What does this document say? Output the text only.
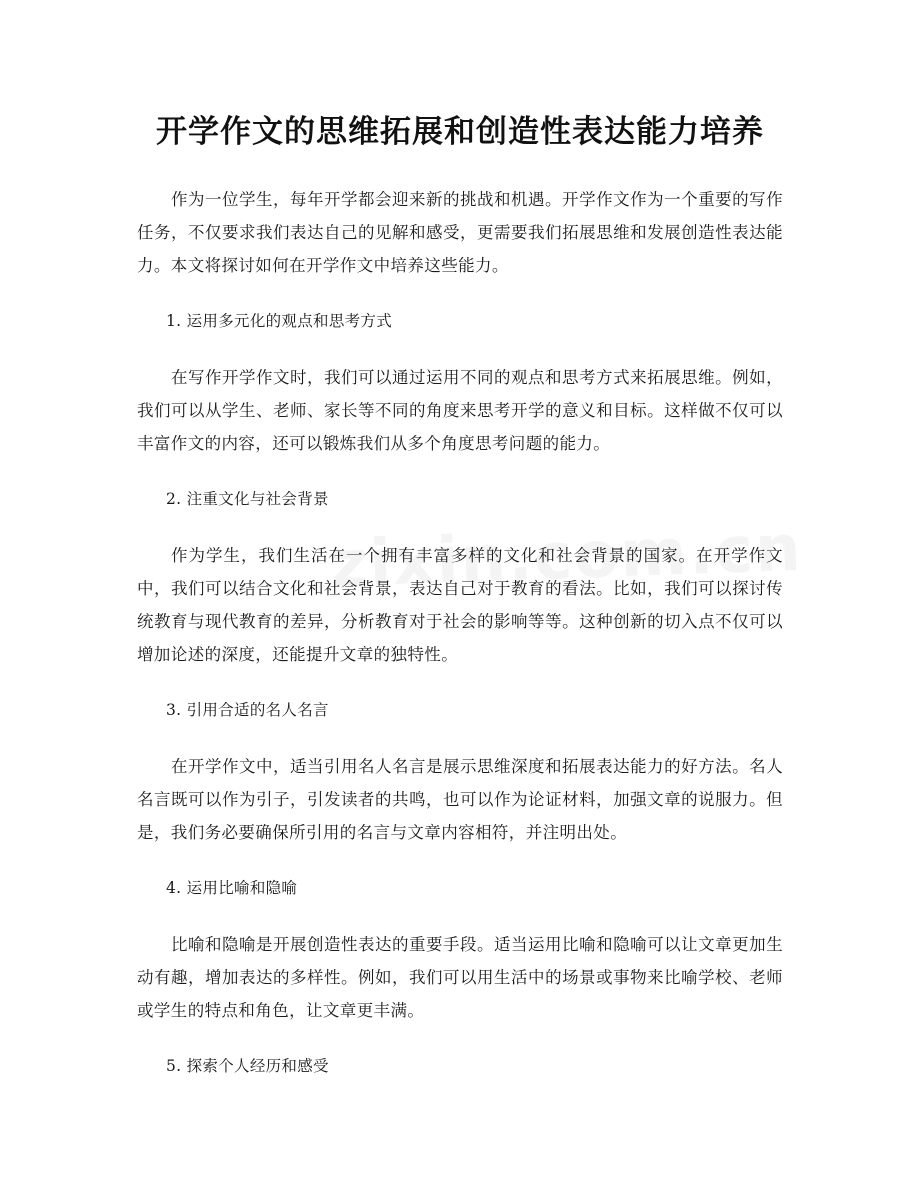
开学作文的思维拓展和创造性表达能力培养

作为一位学生，每年开学都会迎来新的挑战和机遇。开学作文作为一个重要的写作任务，不仅要求我们表达自己的见解和感受，更需要我们拓展思维和发展创造性表达能力。本文将探讨如何在开学作文中培养这些能力。

1. 运用多元化的观点和思考方式

在写作开学作文时，我们可以通过运用不同的观点和思考方式来拓展思维。例如，我们可以从学生、老师、家长等不同的角度来思考开学的意义和目标。这样做不仅可以丰富作文的内容，还可以锻炼我们从多个角度思考问题的能力。

2. 注重文化与社会背景

作为学生，我们生活在一个拥有丰富多样的文化和社会背景的国家。在开学作文中，我们可以结合文化和社会背景，表达自己对于教育的看法。比如，我们可以探讨传统教育与现代教育的差异，分析教育对于社会的影响等等。这种创新的切入点不仅可以增加论述的深度，还能提升文章的独特性。

3. 引用合适的名人名言

在开学作文中，适当引用名人名言是展示思维深度和拓展表达能力的好方法。名人名言既可以作为引子，引发读者的共鸣，也可以作为论证材料，加强文章的说服力。但是，我们务必要确保所引用的名言与文章内容相符，并注明出处。

4. 运用比喻和隐喻

比喻和隐喻是开展创造性表达的重要手段。适当运用比喻和隐喻可以让文章更加生动有趣，增加表达的多样性。例如，我们可以用生活中的场景或事物来比喻学校、老师或学生的特点和角色，让文章更丰满。

5. 探索个人经历和感受
